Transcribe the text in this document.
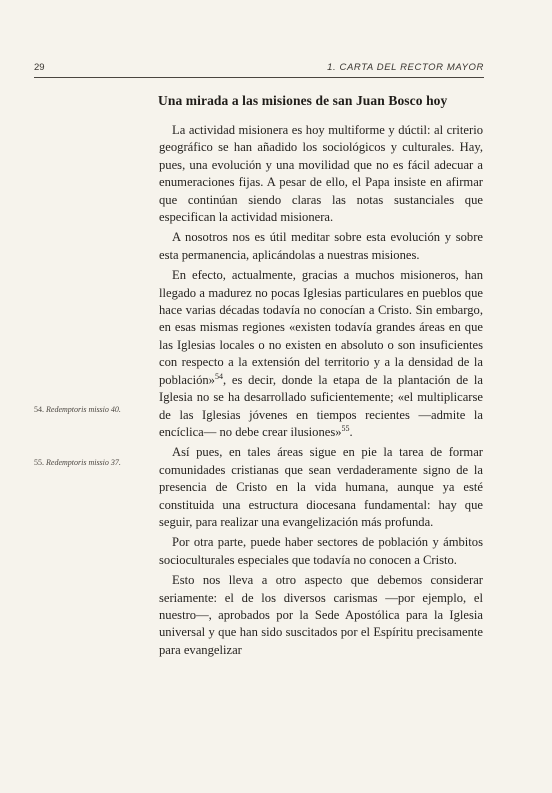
29	1. CARTA DEL RECTOR MAYOR
Una mirada a las misiones de san Juan Bosco hoy

La actividad misionera es hoy multiforme y dúctil: al criterio geográfico se han añadido los sociológicos y culturales. Hay, pues, una evolución y una movilidad que no es fácil adecuar a enumeraciones fijas. A pesar de ello, el Papa insiste en afirmar que continúan siendo claras las notas sustanciales que especifican la actividad misionera.

A nosotros nos es útil meditar sobre esta evolución y sobre esta permanencia, aplicándolas a nuestras misiones.

En efecto, actualmente, gracias a muchos misioneros, han llegado a madurez no pocas Iglesias particulares en pueblos que hace varias décadas todavía no conocían a Cristo. Sin embargo, en esas mismas regiones «existen todavía grandes áreas en que las Iglesias locales o no existen en absoluto o son insuficientes con respecto a la extensión del territorio y a la densidad de la población»$^{54}$, es decir, donde la etapa de la plantación de la Iglesia no se ha desarrollado suficientemente; «el multiplicarse de las Iglesias jóvenes en tiempos recientes —admite la encíclica— no debe crear ilusiones»$^{55}$.

Así pues, en tales áreas sigue en pie la tarea de formar comunidades cristianas que sean verdaderamente signo de la presencia de Cristo en la vida humana, aunque ya esté constituida una estructura diocesana fundamental: hay que seguir, para realizar una evangelización más profunda.

Por otra parte, puede haber sectores de población y ámbitos socioculturales especiales que todavía no conocen a Cristo.

Esto nos lleva a otro aspecto que debemos considerar seriamente: el de los diversos carismas —por ejemplo, el nuestro—, aprobados por la Sede Apostólica para la Iglesia universal y que han sido suscitados por el Espíritu precisamente para evangelizar

54. Redemptoris missio 40.
55. Redemptoris missio 37.
